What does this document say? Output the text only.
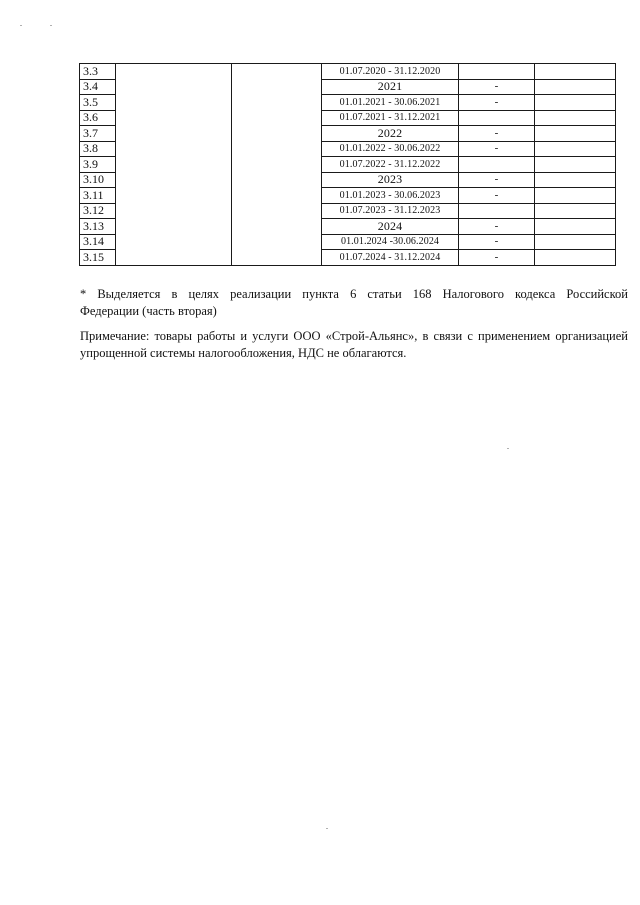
3.3			01.07.2020 - 31.12.2020		
3.4			2021	-	
3.5			01.01.2021 - 30.06.2021	-	
3.6			01.07.2021 - 31.12.2021		
3.7			2022	-	
3.8			01.01.2022 - 30.06.2022	-	
3.9			01.07.2022 - 31.12.2022		
3.10			2023	-	
3.11			01.01.2023 - 30.06.2023	-	
3.12			01.07.2023 - 31.12.2023		
3.13			2024	-	
3.14			01.01.2024 -30.06.2024	-	
3.15			01.07.2024 - 31.12.2024	-	
* Выделяется в целях реализации пункта 6 статьи 168 Налогового кодекса Российской
Федерации (часть вторая)
Примечание: товары работы и услуги ООО «Строй-Альянс», в связи с применением организацией
упрощенной системы налогообложения, НДС не облагаются.
